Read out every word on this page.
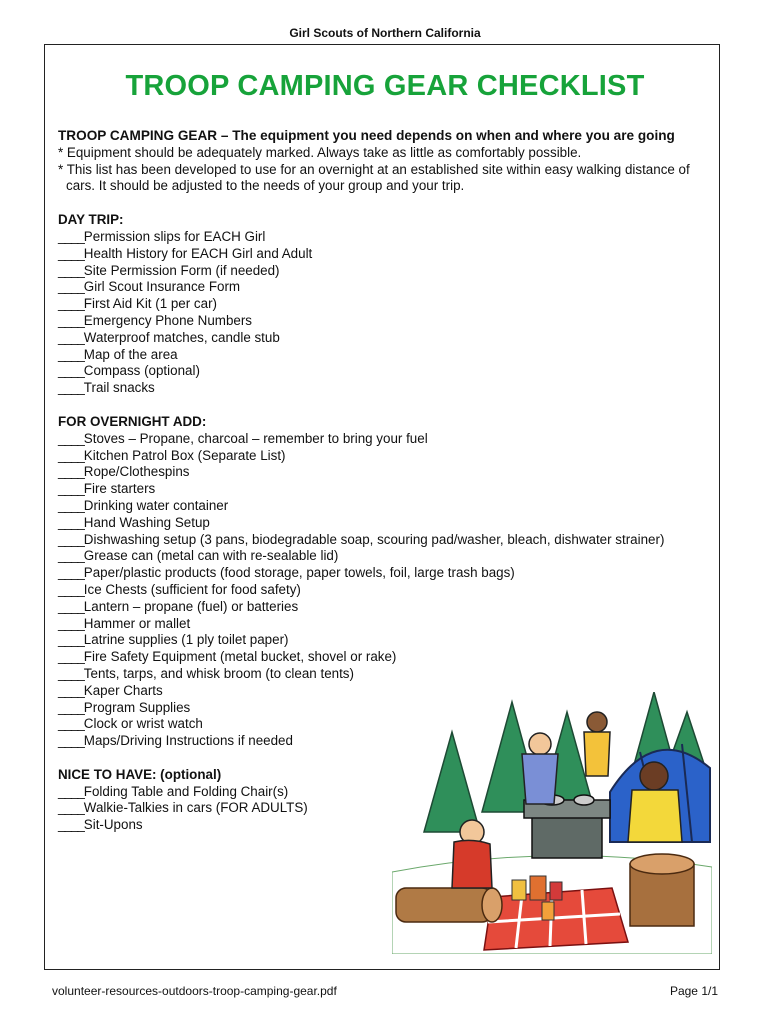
Girl Scouts of Northern California
TROOP CAMPING GEAR CHECKLIST
TROOP CAMPING GEAR – The equipment you need depends on when and where you are going
* Equipment should be adequately marked. Always take as little as comfortably possible.
* This list has been developed to use for an overnight at an established site within easy walking distance of cars. It should be adjusted to the needs of your group and your trip.
DAY TRIP:
____Permission slips for EACH Girl
____Health History for EACH Girl and Adult
____Site Permission Form (if needed)
____Girl Scout Insurance Form
____First Aid Kit (1 per car)
____Emergency Phone Numbers
____Waterproof matches, candle stub
____Map of the area
____Compass (optional)
____Trail snacks
FOR OVERNIGHT ADD:
____Stoves – Propane, charcoal – remember to bring your fuel
____Kitchen Patrol Box (Separate List)
____Rope/Clothespins
____Fire starters
____Drinking water container
____Hand Washing Setup
____Dishwashing setup (3 pans, biodegradable soap, scouring pad/washer, bleach, dishwater strainer)
____Grease can (metal can with re-sealable lid)
____Paper/plastic products (food storage, paper towels, foil, large trash bags)
____Ice Chests (sufficient for food safety)
____Lantern – propane (fuel) or batteries
____Hammer or mallet
____Latrine supplies (1 ply toilet paper)
____Fire Safety Equipment (metal bucket, shovel or rake)
____Tents, tarps, and whisk broom (to clean tents)
____Kaper Charts
____Program Supplies
____Clock or wrist watch
____Maps/Driving Instructions if needed
NICE TO HAVE: (optional)
____Folding Table and Folding Chair(s)
____Walkie-Talkies in cars (FOR ADULTS)
____Sit-Upons
volunteer-resources-outdoors-troop-camping-gear.pdf	Page 1/1
